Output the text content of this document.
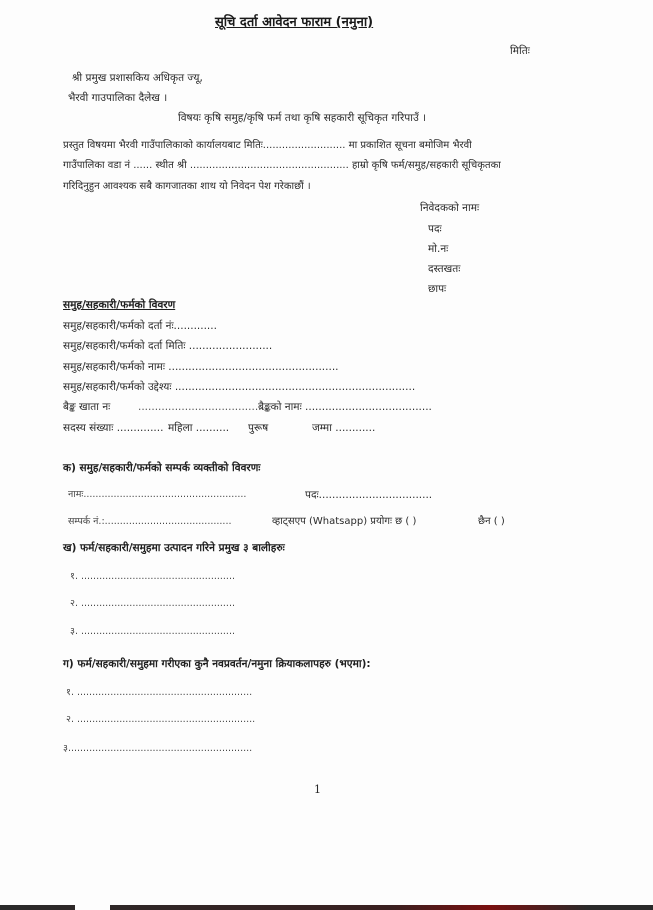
सूचि दर्ता आवेदन फाराम (नमुना)
मितिः
श्री प्रमुख प्रशासकिय अधिकृत ज्यू,
भैरवी गाउपालिका दैलेख ।
विषयः कृषि समुह/कृषि फर्म तथा कृषि सहकारी सूचिकृत गरिपाउँ ।
प्रस्तुत विषयमा भैरवी गाउँपालिकाको कार्यालयबाट मितिः.......................... मा प्रकाशित सूचना बमोजिम भैरवी
गाउँपालिका वडा नं ...... स्थीत श्री .................................................. हाम्रो कृषि फर्म/समुह/सहकारी सूचिकृतका
गरिदिनुहुन आवश्यक सबै कागजातका शाथ यो निवेदन पेश गरेकाछौं ।
निवेदकको नामः
पदः
मो.नः
दस्तखतः
छापः
समुह/सहकारी/फर्मको विवरण
समुह/सहकारी/फर्मको दर्ता नंः.............
समुह/सहकारी/फर्मको दर्ता मितिः .........................
समुह/सहकारी/फर्मको नामः ...................................................
समुह/सहकारी/फर्मको उद्देश्यः ........................................................................
बैङ्क खाता नः	........................................
बैङ्कको नामः ......................................
सदस्य संख्याः .............. महिला .......... पुरूष	जम्मा ............
क) समुह/सहकारी/फर्मको सम्पर्क व्यक्तीको विवरणः
नामः......................................................	पदः..................................
सम्पर्क नं.:..........................................	व्हाट्सएप (Whatsapp) प्रयोगः छ ( )	छैन ( )
ख) फर्म/सहकारी/समुहमा उत्पादन गरिने प्रमुख ३ बालीहरुः
१. ...................................................
२. ...................................................
३. ...................................................
ग) फर्म/सहकारी/समुहमा गरीएका कुनै नवप्रवर्तन/नमुना क्रियाकलापहरु (भएमा):
१. ..........................................................
२. ...........................................................
३.............................................................
1
